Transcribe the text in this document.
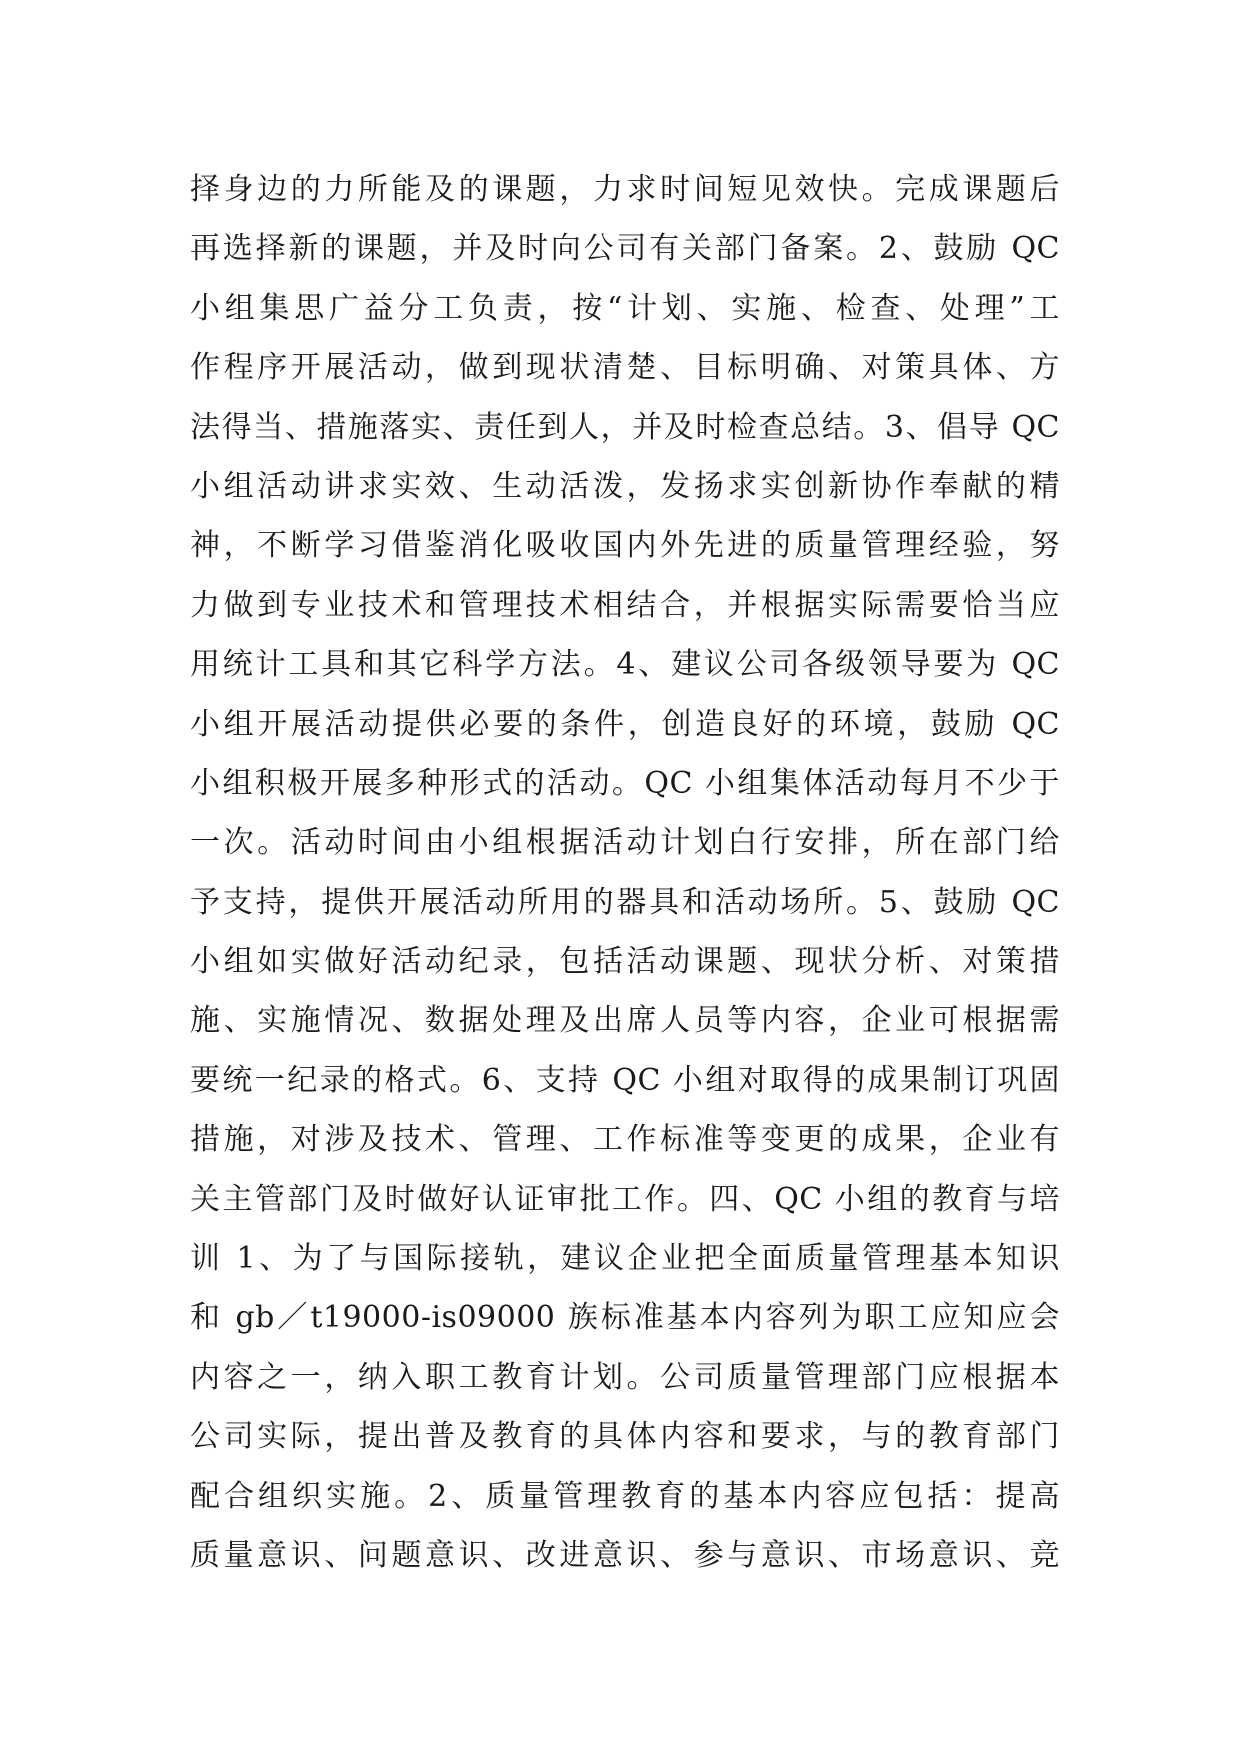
择身边的力所能及的课题，力求时间短见效快。完成课题后
再选择新的课题，并及时向公司有关部门备案。2、鼓励 QC
小组集思广益分工负责，按“计划、实施、检查、处理”工
作程序开展活动，做到现状清楚、目标明确、对策具体、方
法得当、措施落实、责任到人，并及时检查总结。3、倡导 QC
小组活动讲求实效、生动活泼，发扬求实创新协作奉献的精
神，不断学习借鉴消化吸收国内外先进的质量管理经验，努
力做到专业技术和管理技术相结合，并根据实际需要恰当应
用统计工具和其它科学方法。4、建议公司各级领导要为 QC
小组开展活动提供必要的条件，创造良好的环境，鼓励 QC
小组积极开展多种形式的活动。QC 小组集体活动每月不少于
一次。活动时间由小组根据活动计划白行安排，所在部门给
予支持，提供开展活动所用的器具和活动场所。5、鼓励 QC
小组如实做好活动纪录，包括活动课题、现状分析、对策措
施、实施情况、数据处理及出席人员等内容，企业可根据需
要统一纪录的格式。6、支持 QC 小组对取得的成果制订巩固
措施，对涉及技术、管理、工作标准等变更的成果，企业有
关主管部门及时做好认证审批工作。四、QC 小组的教育与培
训 1、为了与国际接轨，建议企业把全面质量管理基本知识
和 gb／t19000-is09000 族标准基本内容列为职工应知应会
内容之一，纳入职工教育计划。公司质量管理部门应根据本
公司实际，提出普及教育的具体内容和要求，与的教育部门
配合组织实施。2、质量管理教育的基本内容应包括：提高
质量意识、问题意识、改进意识、参与意识、市场意识、竞
